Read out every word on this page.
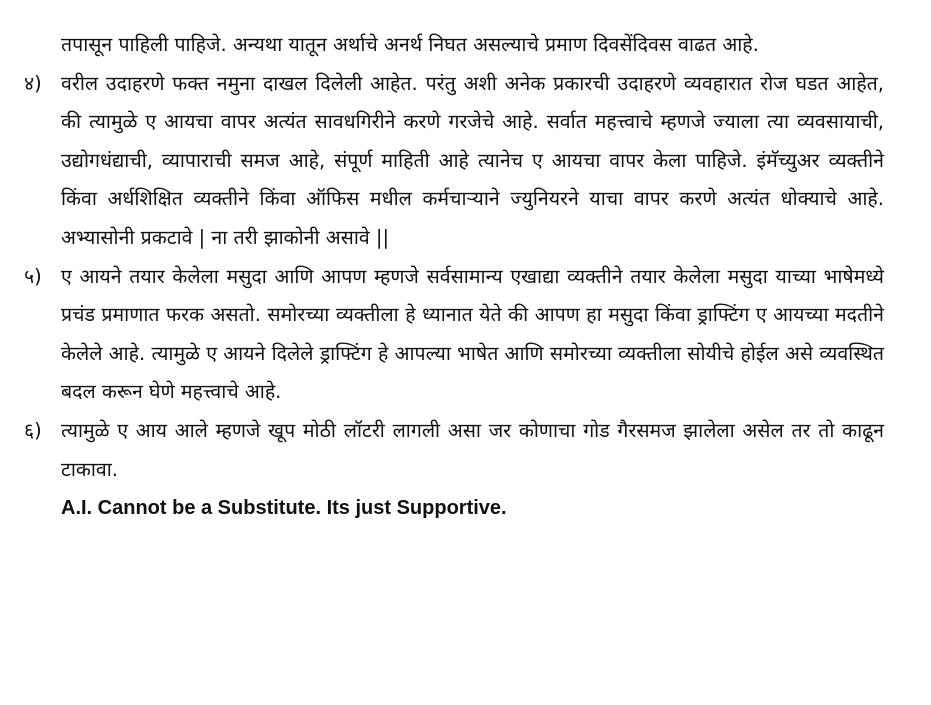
तपासून पाहिली पाहिजे. अन्यथा यातून अर्थाचे अनर्थ निघत असल्याचे प्रमाण दिवसेंदिवस वाढत आहे.

४) वरील उदाहरणे फक्त नमुना दाखल दिलेली आहेत. परंतु अशी अनेक प्रकारची उदाहरणे व्यवहारात रोज घडत आहेत, की त्यामुळे ए आयचा वापर अत्यंत सावधगिरीने करणे गरजेचे आहे. सर्वात महत्त्वाचे म्हणजे ज्याला त्या व्यवसायाची, उद्योगधंद्याची, व्यापाराची समज आहे, संपूर्ण माहिती आहे त्यानेच ए आयचा वापर केला पाहिजे. इंमॅच्युअर व्यक्तीने किंवा अर्धशिक्षित व्यक्तीने किंवा ऑफिस मधील कर्मचाऱ्याने ज्युनियरने याचा वापर करणे अत्यंत धोक्याचे आहे. अभ्यासोनी प्रकटावे | ना तरी झाकोनी असावे ||

५) ए आयने तयार केलेला मसुदा आणि आपण म्हणजे सर्वसामान्य एखाद्या व्यक्तीने तयार केलेला मसुदा याच्या भाषेमध्ये प्रचंड प्रमाणात फरक असतो. समोरच्या व्यक्तीला हे ध्यानात येते की आपण हा मसुदा किंवा ड्राफ्टिंग ए आयच्या मदतीने केलेले आहे. त्यामुळे ए आयने दिलेले ड्राफ्टिंग हे आपल्या भाषेत आणि समोरच्या व्यक्तीला सोयीचे होईल असे व्यवस्थित बदल करून घेणे महत्त्वाचे आहे.

६) त्यामुळे ए आय आले म्हणजे खूप मोठी लॉटरी लागली असा जर कोणाचा गोड गैरसमज झालेला असेल तर तो काढून टाकावा.

A.I. Cannot be a Substitute. Its just Supportive.
